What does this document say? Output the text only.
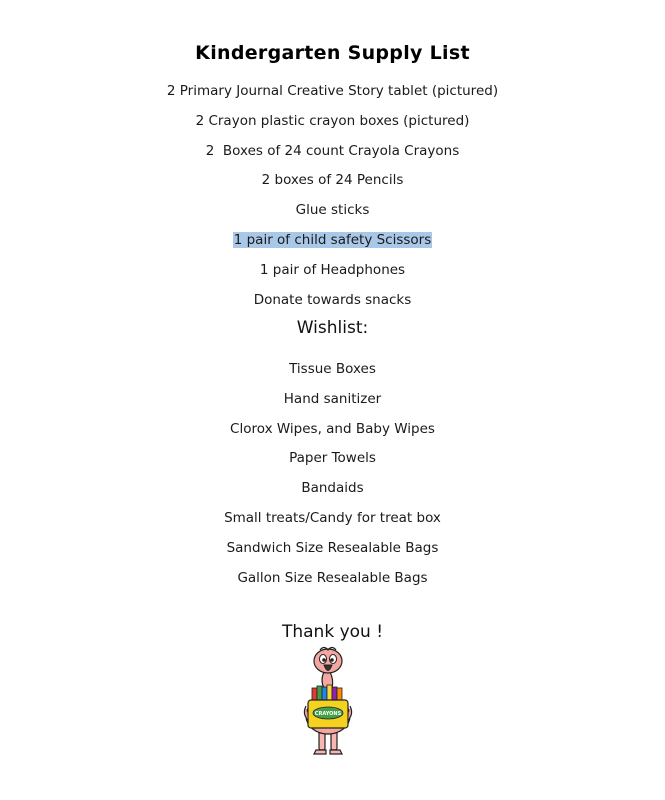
Kindergarten Supply List
2 Primary Journal Creative Story tablet (pictured)
2 Crayon plastic crayon boxes (pictured)
2  Boxes of 24 count Crayola Crayons
2 boxes of 24 Pencils
Glue sticks
1 pair of child safety Scissors
1 pair of Headphones
Donate towards snacks
Wishlist:
Tissue Boxes
Hand sanitizer
Clorox Wipes, and Baby Wipes
Paper Towels
Bandaids
Small treats/Candy for treat box
Sandwich Size Resealable Bags
Gallon Size Resealable Bags
Thank you !
CRAYONS
